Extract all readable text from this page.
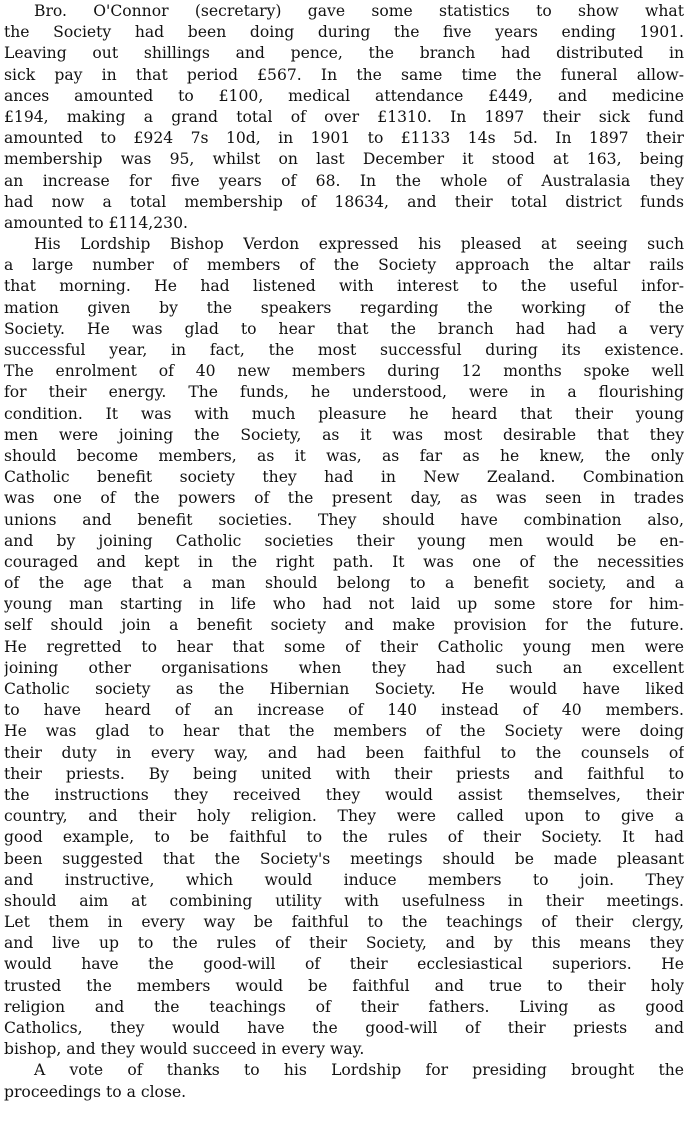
Bro. O'Connor (secretary) gave some statistics to show what
the Society had been doing during the five years ending 1901.
Leaving out shillings and pence, the branch had distributed in
sick pay in that period £567. In the same time the funeral allow-
ances amounted to £100, medical attendance £449, and medicine
£194, making a grand total of over £1310. In 1897 their sick fund
amounted to £924 7s 10d, in 1901 to £1133 14s 5d. In 1897 their
membership was 95, whilst on last December it stood at 163, being
an increase for five years of 68. In the whole of Australasia they
had now a total membership of 18634, and their total district funds
amounted to £114,230.

His Lordship Bishop Verdon expressed his pleased at seeing such
a large number of members of the Society approach the altar rails
that morning. He had listened with interest to the useful infor-
mation given by the speakers regarding the working of the
Society. He was glad to hear that the branch had had a very
successful year, in fact, the most successful during its existence.
The enrolment of 40 new members during 12 months spoke well
for their energy. The funds, he understood, were in a flourishing
condition. It was with much pleasure he heard that their young
men were joining the Society, as it was most desirable that they
should become members, as it was, as far as he knew, the only
Catholic benefit society they had in New Zealand. Combination
was one of the powers of the present day, as was seen in trades
unions and benefit societies. They should have combination also,
and by joining Catholic societies their young men would be en-
couraged and kept in the right path. It was one of the necessities
of the age that a man should belong to a benefit society, and a
young man starting in life who had not laid up some store for him-
self should join a benefit society and make provision for the future.
He regretted to hear that some of their Catholic young men were
joining other organisations when they had such an excellent
Catholic society as the Hibernian Society. He would have liked
to have heard of an increase of 140 instead of 40 members.
He was glad to hear that the members of the Society were doing
their duty in every way, and had been faithful to the counsels of
their priests. By being united with their priests and faithful to
the instructions they received they would assist themselves, their
country, and their holy religion. They were called upon to give a
good example, to be faithful to the rules of their Society. It had
been suggested that the Society's meetings should be made pleasant
and instructive, which would induce members to join. They
should aim at combining utility with usefulness in their meetings.
Let them in every way be faithful to the teachings of their clergy,
and live up to the rules of their Society, and by this means they
would have the good-will of their ecclesiastical superiors. He
trusted the members would be faithful and true to their holy
religion and the teachings of their fathers. Living as good
Catholics, they would have the good-will of their priests and
bishop, and they would succeed in every way.

A vote of thanks to his Lordship for presiding brought the
proceedings to a close.
